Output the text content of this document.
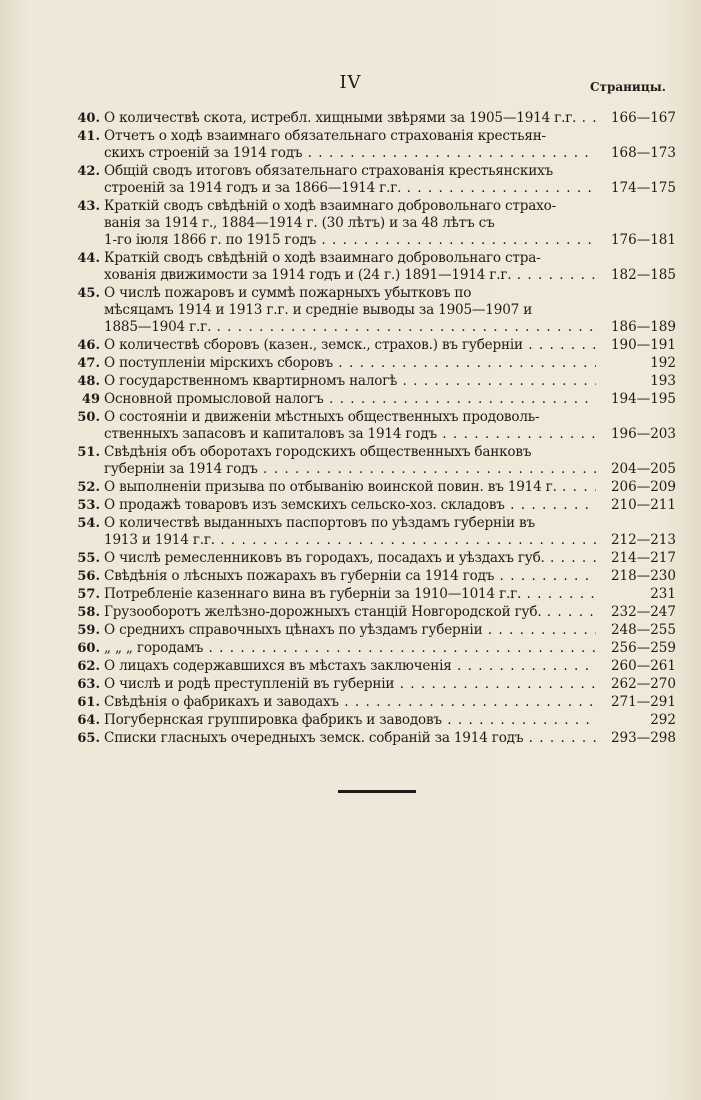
IV	Страницы.
40. О количествѣ скота, истребл. хищными звѣрями за 1905—1914 г.г. . . .	166—167
41. Отчетъ о ходѣ взаимнаго обязательнаго страхованія крестьян-
скихъ строеній за 1914 годъ . . .	168—173
42. Общій сводъ итоговъ обязательнаго страхованія крестьянскихъ
строеній за 1914 годъ и за 1866—1914 г.г. . . .	174—175
43. Краткій сводъ свѣдѣній о ходѣ взаимнаго добровольнаго страхо-
ванія за 1914 г., 1884—1914 г. (30 лѣтъ) и за 48 лѣтъ съ
1-го іюля 1866 г. по 1915 годъ . . .	176—181
44. Краткій сводъ свѣдѣній о ходѣ взаимнаго добровольнаго стра-
хованія движимости за 1914 годъ и (24 г.) 1891—1914 г.г. . . .	182—185
45. О числѣ пожаровъ и суммѣ пожарныхъ убытковъ по
мѣсяцамъ 1914 и 1913 г.г. и средніе выводы за 1905—1907 и
1885—1904 г.г. . . .	186—189
46. О количествѣ сборовъ (казен., земск., страхов.) въ губерніи . . .	190—191
47. О поступленіи мірскихъ сборовъ . . .	192
48. О государственномъ квартирномъ налогѣ . . .	193
49 Основной промысловой налогъ . . .	194—195
50. О состояніи и движеніи мѣстныхъ общественныхъ продоволь-
ственныхъ запасовъ и капиталовъ за 1914 годъ . . .	196—203
51. Свѣдѣнія объ оборотахъ городскихъ общественныхъ банковъ
губерніи за 1914 годъ . . .	204—205
52. О выполненіи призыва по отбыванію воинской повин. въ 1914 г. . . .	206—209
53. О продажѣ товаровъ изъ земскихъ сельско-хоз. складовъ . . .	210—211
54. О количествѣ выданныхъ паспортовъ по уѣздамъ губерніи въ
1913 и 1914 г.г. . . .	212—213
55. О числѣ ремесленниковъ въ городахъ, посадахъ и уѣздахъ губ. . . .	214—217
56. Свѣдѣнія о лѣсныхъ пожарахъ въ губерніи са 1914 годъ . . .	218—230
57. Потребленіе казеннаго вина въ губерніи за 1910—1014 г.г. . . .	231
58. Грузооборотъ желѣзно-дорожныхъ станцій Новгородской губ. . . .	232—247
59. О среднихъ справочныхъ цѣнахъ по уѣздамъ губерніи . . .	248—255
60. „ „ „ городамъ . . .	256—259
62. О лицахъ содержавшихся въ мѣстахъ заключенія . . .	260—261
63. О числѣ и родѣ преступленій въ губерніи . . .	262—270
61. Свѣдѣнія о фабрикахъ и заводахъ . . .	271—291
64. Погубернская группировка фабрикъ и заводовъ . . .	292
65. Списки гласныхъ очередныхъ земск. собраній за 1914 годъ . . .	293—298
